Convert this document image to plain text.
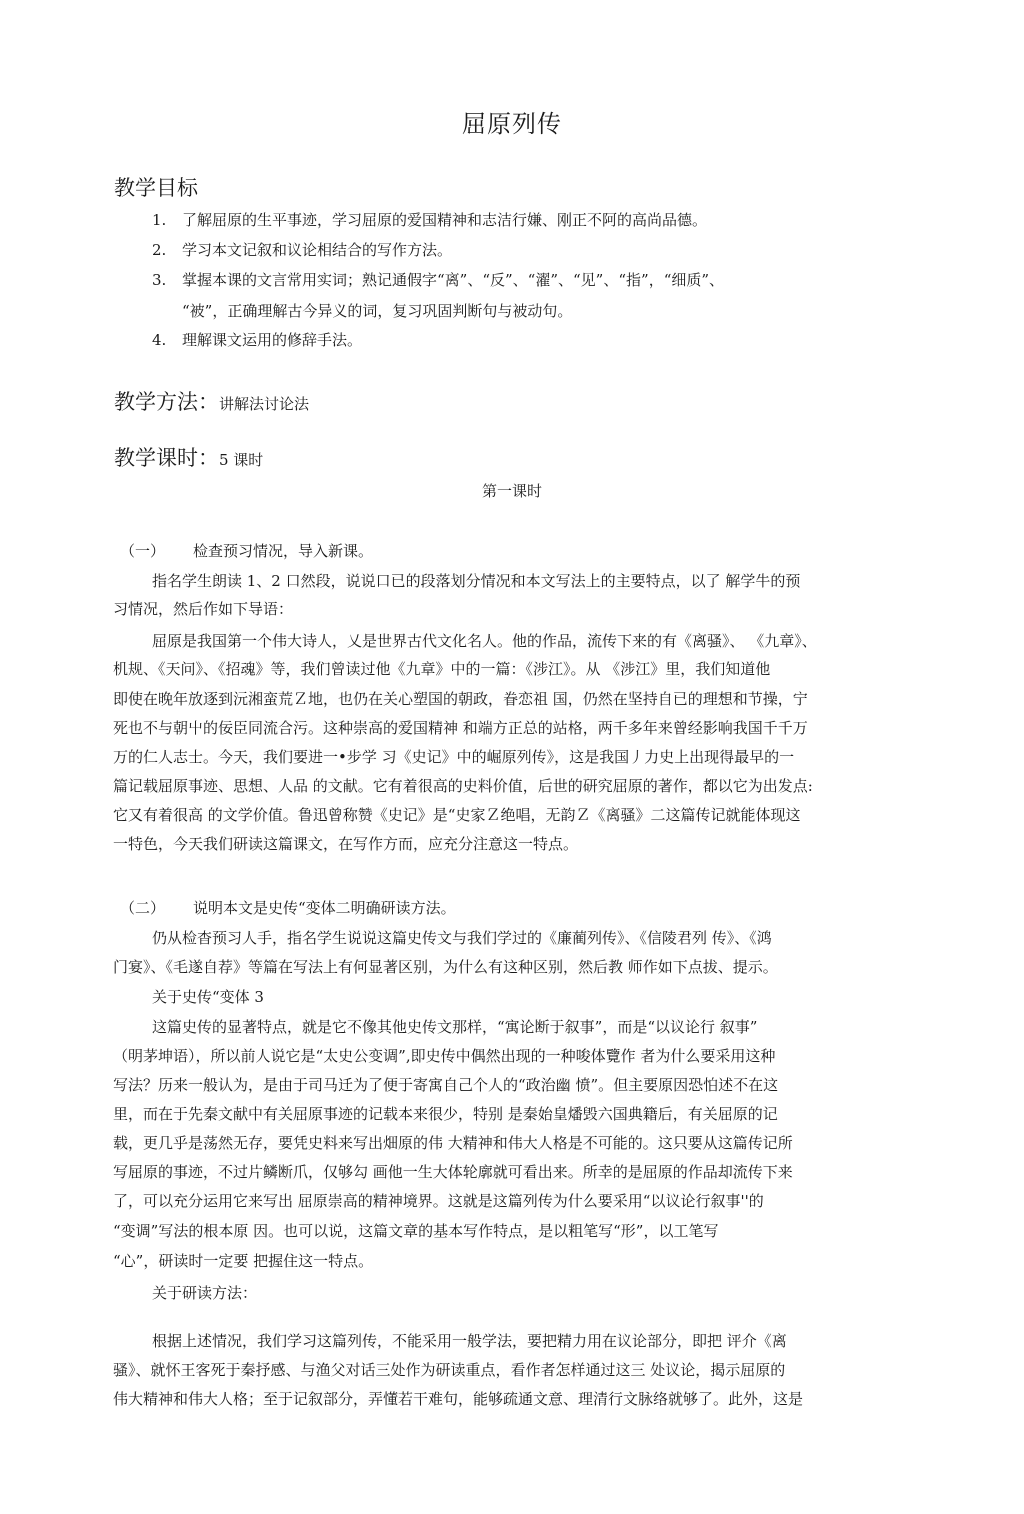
屈原列传
教学目标
1. 了解屈原的生平事迹，学习屈原的爱国精神和志洁行嫌、刚正不阿的高尚品德。
2. 学习本文记叙和议论相结合的写作方法。
3. 掌握本课的文言常用实词；熟记通假字“离”、“反”、“濯”、“见”、“指”，“细质”、
“被”，正确理解古今异义的词，复习巩固判断句与被动句。
4. 理解课文运用的修辞手法。
教学方法：讲解法讨论法
教学课时：5 课时
第一课时
（一） 检查预习情况，导入新课。
指名学生朗读 1、2 口然段，说说口已的段落划分情况和本文写法上的主要特点，以了 解学牛的预
习情况，然后作如下导语：
屈原是我国第一个伟大诗人，乂是世界古代文化名人。他的作品，流传下来的有《离骚》、 《九章》、
机规、《天问》、《招魂》等，我们曾读过他《九章》中的一篇：《涉江》。从 《涉江》里，我们知道他
即使在晚年放逐到沅湘蛮荒Ｚ地，也仍在关心塑国的朝政，眷恋祖 国，仍然在坚持自已的理想和节操，宁
死也不与朝屮的佞臣同流合污。这种崇高的爱国精神 和端方正总的站格，两千多年来曾经影响我国千千万
万的仁人志士。今天，我们要进一•步学 习《史记》中的崛原列传》，这是我国丿力史上出现得最早的一
篇记载屈原事迹、思想、人品 的文献。它有着很高的史料价值，后世的研究屈原的著作，都以它为出发点:
它又有着很高 的文学价值。鲁迅曾称赞《史记》是“史家Ｚ绝唱，无韵Ｚ《离骚》二这篇传记就能体现这
一特色，今天我们研读这篇课文，在写作方而，应充分注意这一特点。
（二） 说明本文是史传“变体二明确研读方法。
仍从检杳预习人手，指名学生说说这篇史传文与我们学过的《廉蔺列传》、《信陵君列 传》、《鸿
门宴》、《毛遂自荐》等篇在写法上有何显著区别，为什么有这种区别，然后教 师作如下点拔、提示。
关于史传“变体 3
这篇史传的显著特点，就是它不像其他史传文那样，“寓论断于叙事”，而是“以议论行 叙事”
（明茅坤语），所以前人说它是“太史公变调”,即史传中偶然出现的一种唆体覽作 者为什么要采用这种
写法？历来一般认为，是由于司马迁为了便于寄寓自己个人的“政治幽 愤”。但主要原因恐怕述不在这
里，而在于先秦文献中有关屈原事迹的记载本来很少，特别 是秦始皇燔毁六国典籍后，有关屈原的记
载，更几乎是荡然无存，要凭史料来写出畑原的伟 大精神和伟大人格是不可能的。这只要从这篇传记所
写屈原的事迹，不过片鳞断爪，仅够勾 画他一生大体轮廓就可看出来。所幸的是屈原的作品却流传下来
了，可以充分运用它来写出 屈原崇高的精神境界。这就是这篇列传为什么要采用“以议论行叙事''的
“变调”写法的根本原 因。也可以说，这篇文章的基本写作特点，是以粗笔写“形”，以工笔写
“心”，研读时一定要 把握住这一特点。
关于研读方法：
根据上述情况，我们学习这篇列传，不能采用一般学法，要把精力用在议论部分，即把 评介《离
骚》、就怀王客死于秦抒感、与渔父对话三处作为研读重点，看作者怎样通过这三 处议论，揭示屈原的
伟大精神和伟大人格；至于记叙部分，弄懂若干难句，能够疏通文意、理清行文脉络就够了。此外，这是
